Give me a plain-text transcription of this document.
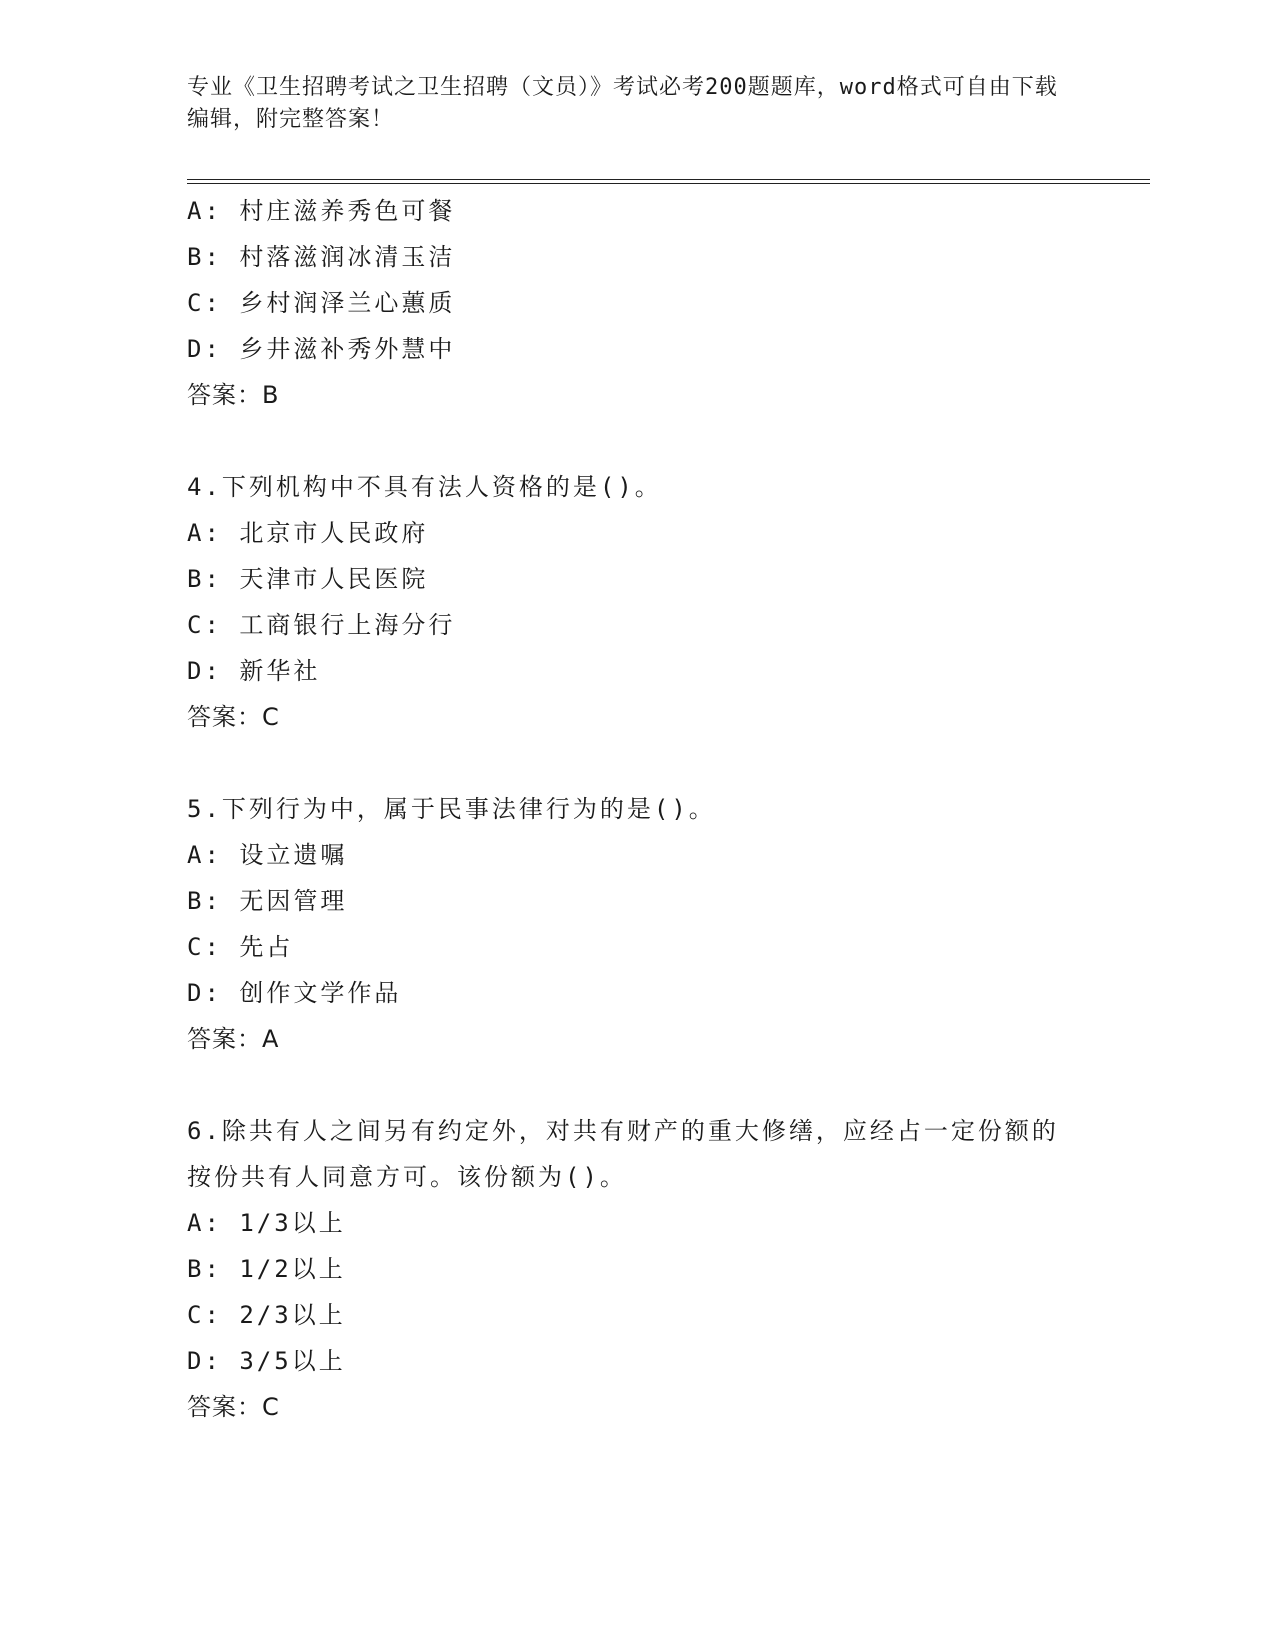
专业《卫生招聘考试之卫生招聘（文员）》考试必考200题题库，word格式可自由下载编辑，附完整答案！
A: 村庄滋养秀色可餐
B: 村落滋润冰清玉洁
C: 乡村润泽兰心蕙质
D: 乡井滋补秀外慧中
答案：B
4.下列机构中不具有法人资格的是()。
A: 北京市人民政府
B: 天津市人民医院
C: 工商银行上海分行
D: 新华社
答案：C
5.下列行为中，属于民事法律行为的是()。
A: 设立遗嘱
B: 无因管理
C: 先占
D: 创作文学作品
答案：A
6.除共有人之间另有约定外，对共有财产的重大修缮，应经占一定份额的按份共有人同意方可。该份额为()。
A: 1/3以上
B: 1/2以上
C: 2/3以上
D: 3/5以上
答案：C
